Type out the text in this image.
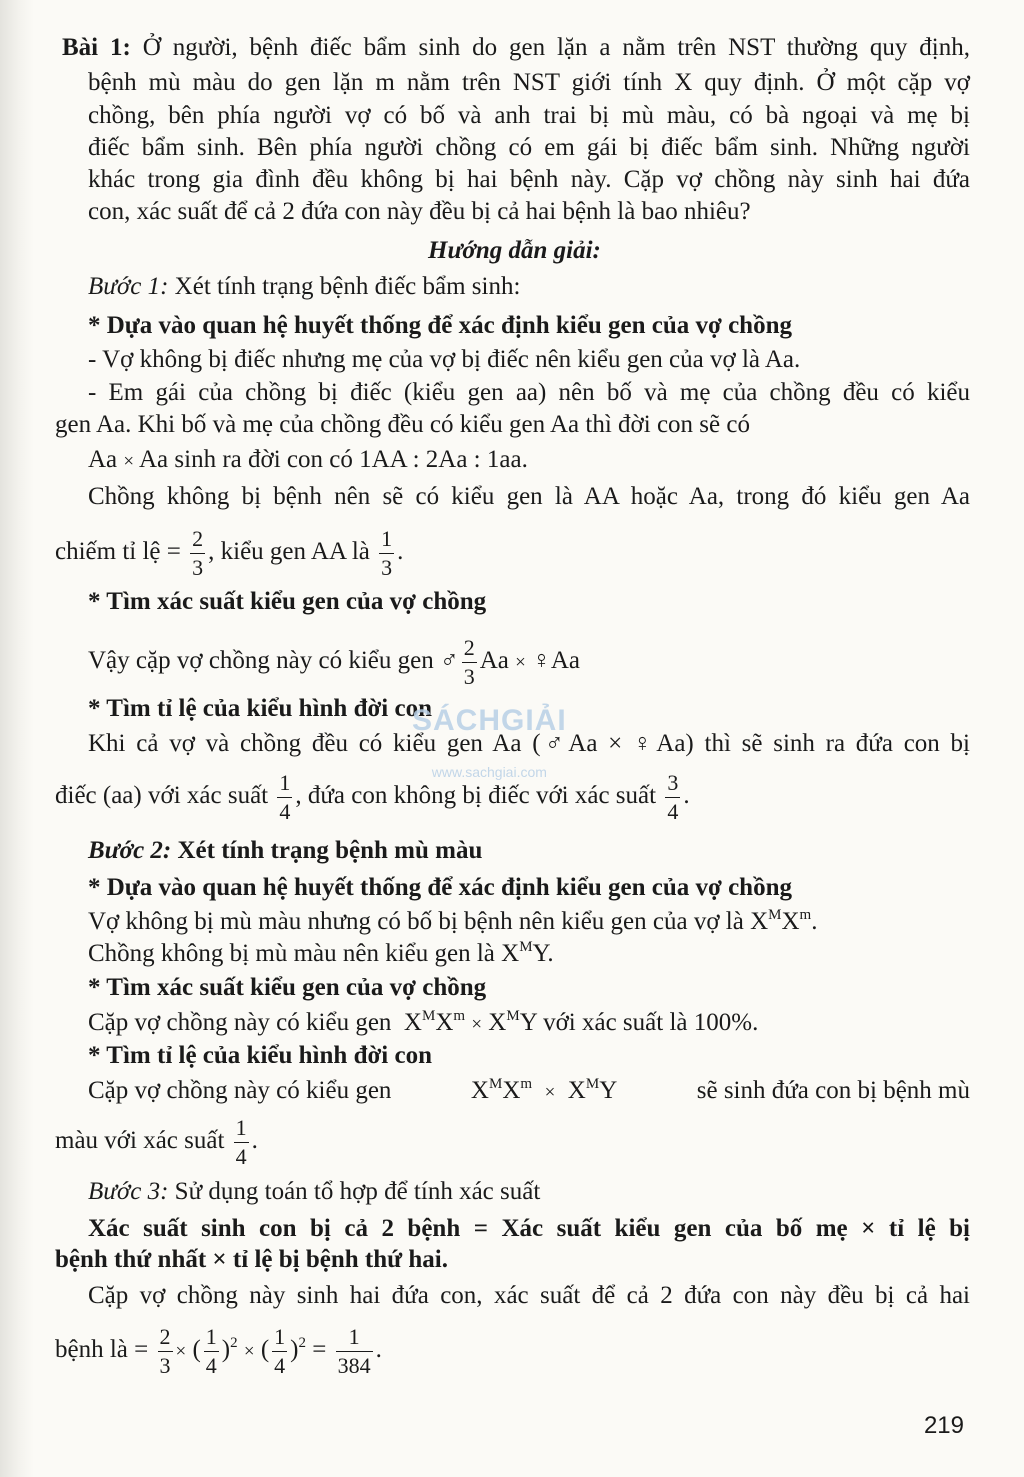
Bài 1: Ở người, bệnh điếc bẩm sinh do gen lặn a nằm trên NST thường quy định,
bệnh mù màu do gen lặn m nằm trên NST giới tính X quy định. Ở một cặp vợ
chồng, bên phía người vợ có bố và anh trai bị mù màu, có bà ngoại và mẹ bị
điếc bẩm sinh. Bên phía người chồng có em gái bị điếc bẩm sinh. Những người
khác trong gia đình đều không bị hai bệnh này. Cặp vợ chồng này sinh hai đứa
con, xác suất để cả 2 đứa con này đều bị cả hai bệnh là bao nhiêu?
Hướng dẫn giải:
Bước 1: Xét tính trạng bệnh điếc bẩm sinh:
* Dựa vào quan hệ huyết thống để xác định kiểu gen của vợ chồng
- Vợ không bị điếc nhưng mẹ của vợ bị điếc nên kiểu gen của vợ là Aa.
- Em gái của chồng bị điếc (kiểu gen aa) nên bố và mẹ của chồng đều có kiểu
gen Aa. Khi bố và mẹ của chồng đều có kiểu gen Aa thì đời con sẽ có
Aa × Aa sinh ra đời con có 1AA : 2Aa : 1aa.
Chồng không bị bệnh nên sẽ có kiểu gen là AA hoặc Aa, trong đó kiểu gen Aa
chiếm tỉ lệ = $\frac{2}{3}$ , kiểu gen AA là $\frac{1}{3}$ .
* Tìm xác suất kiểu gen của vợ chồng
Vậy cặp vợ chồng này có kiểu gen ♂ $\frac{2}{3}$ Aa × ♀Aa
* Tìm tỉ lệ của kiểu hình đời con
Khi cả vợ và chồng đều có kiểu gen Aa (♂Aa × ♀Aa) thì sẽ sinh ra đứa con bị
điếc (aa) với xác suất $\frac{1}{4}$ , đứa con không bị điếc với xác suất $\frac{3}{4}$ .
Bước 2: Xét tính trạng bệnh mù màu
* Dựa vào quan hệ huyết thống để xác định kiểu gen của vợ chồng
Vợ không bị mù màu nhưng có bố bị bệnh nên kiểu gen của vợ là $X^MX^m$.
Chồng không bị mù màu nên kiểu gen là $X^MY$.
* Tìm xác suất kiểu gen của vợ chồng
Cặp vợ chồng này có kiểu gen $X^MX^m \times X^MY$ với xác suất là 100%.
* Tìm tỉ lệ của kiểu hình đời con
Cặp vợ chồng này có kiểu gen	$X^MX^m \times X^MY$	sẽ sinh đứa con bị bệnh mù
màu với xác suất $\frac{1}{4}$ .
Bước 3: Sử dụng toán tổ hợp để tính xác suất
Xác suất sinh con bị cả 2 bệnh = Xác suất kiểu gen của bố mẹ × tỉ lệ bị
bệnh thứ nhất × tỉ lệ bị bệnh thứ hai.
Cặp vợ chồng này sinh hai đứa con, xác suất để cả 2 đứa con này đều bị cả hai
bệnh là = $\frac{2}{3}$ × ( $\frac{1}{4} )^2$ × ( $\frac{1}{4} )^2 = \frac{1}{384}$ .
SÁCHGIẢI
www.sachgiai.com
219
